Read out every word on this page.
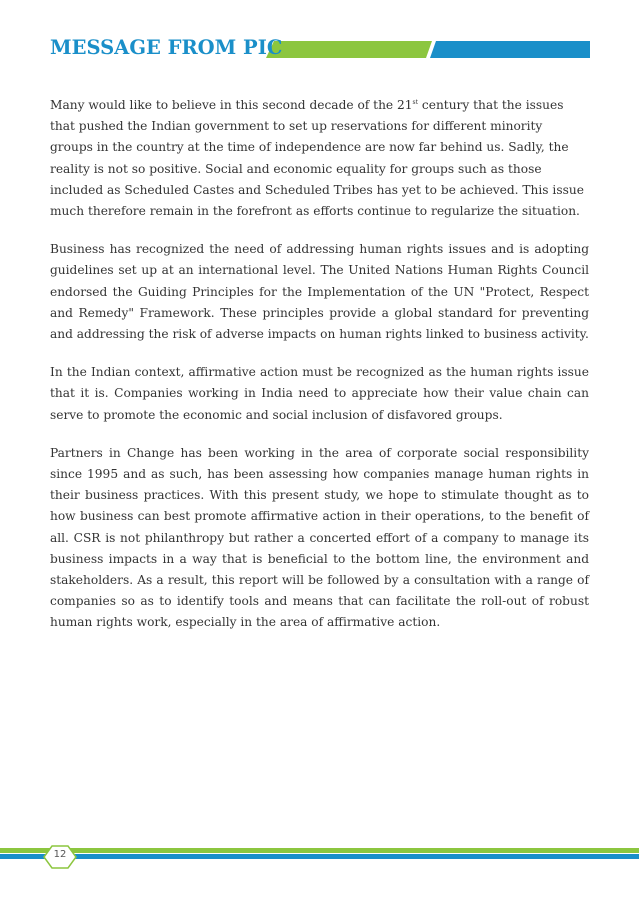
MESSAGE FROM PIC

Many would like to believe in this second decade of the 21st century that the issues that pushed the Indian government to set up reservations for different minority groups in the country at the time of independence are now far behind us. Sadly, the reality is not so positive. Social and economic equality for groups such as those included as Scheduled Castes and Scheduled Tribes has yet to be achieved. This issue much therefore remain in the forefront as efforts continue to regularize the situation.

Business has recognized the need of addressing human rights issues and is adopting guidelines set up at an international level. The United Nations Human Rights Council endorsed the Guiding Principles for the Implementation of the UN "Protect, Respect and Remedy" Framework. These principles provide a global standard for preventing and addressing the risk of adverse impacts on human rights linked to business activity.

In the Indian context, affirmative action must be recognized as the human rights issue that it is. Companies working in India need to appreciate how their value chain can serve to promote the economic and social inclusion of disfavored groups.

Partners in Change has been working in the area of corporate social responsibility since 1995 and as such, has been assessing how companies manage human rights in their business practices. With this present study, we hope to stimulate thought as to how business can best promote affirmative action in their operations, to the benefit of all. CSR is not philanthropy but rather a concerted effort of a company to manage its business impacts in a way that is beneficial to the bottom line, the environment and stakeholders. As a result, this report will be followed by a consultation with a range of companies so as to identify tools and means that can facilitate the roll-out of robust human rights work, especially in the area of affirmative action.

12
